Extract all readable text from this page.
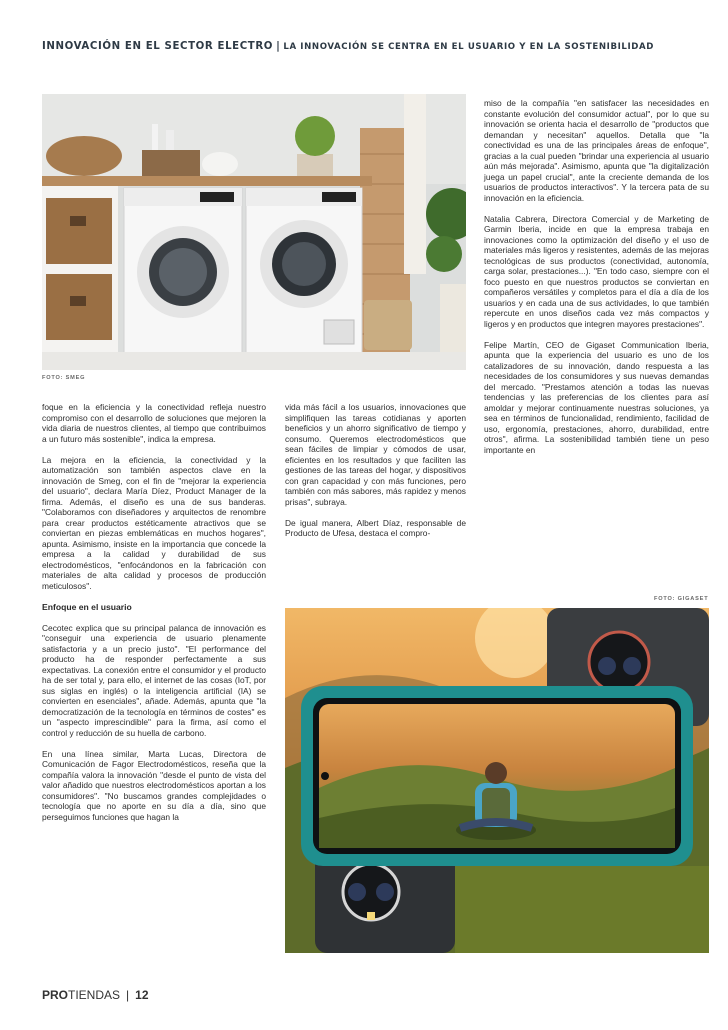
INNOVACIÓN EN EL SECTOR ELECTRO | LA INNOVACIÓN SE CENTRA EN EL USUARIO Y EN LA SOSTENIBILIDAD
FOTO: SMEG

miso de la compañía "en satisfacer las necesidades en constante evolución del consumidor actual", por lo que su innovación se orienta hacia el desarrollo de "productos que demandan y necesitan" aquellos. Detalla que "la conectividad es una de las principales áreas de enfoque", gracias a la cual pueden "brindar una experiencia al usuario aún más mejorada". Asimismo, apunta que "la digitalización juega un papel crucial", ante la creciente demanda de los usuarios de productos interactivos". Y la tercera pata de su innovación en la eficiencia.

Natalia Cabrera, Directora Comercial y de Marketing de Garmin Iberia, incide en que la empresa trabaja en innovaciones como la optimización del diseño y el uso de materiales más ligeros y resistentes, además de las mejoras tecnológicas de sus productos (conectividad, autonomía, carga solar, prestaciones...). "En todo caso, siempre con el foco puesto en que nuestros productos se conviertan en compañeros versátiles y completos para el día a día de los usuarios y en cada una de sus actividades, lo que también repercute en unos diseños cada vez más compactos y ligeros y en productos que integren mayores prestaciones".

Felipe Martín, CEO de Gigaset Communication Iberia, apunta que la experiencia del usuario es uno de los catalizadores de su innovación, dando respuesta a las necesidades de los consumidores y sus nuevas demandas del mercado. "Prestamos atención a todas las nuevas tendencias y las preferencias de los clientes para así amoldar y mejorar continuamente nuestras soluciones, ya sea en términos de funcionalidad, rendimiento, facilidad de uso, ergonomía, prestaciones, ahorro, durabilidad, entre otros", afirma. La sostenibilidad también tiene un peso importante en

foque en la eficiencia y la conectividad refleja nuestro compromiso con el desarrollo de soluciones que mejoren la vida diaria de nuestros clientes, al tiempo que contribuimos a un futuro más sostenible", indica la empresa.

La mejora en la eficiencia, la conectividad y la automatización son también aspectos clave en la innovación de Smeg, con el fin de "mejorar la experiencia del usuario", declara María Díez, Product Manager de la firma. Además, el diseño es una de sus banderas. "Colaboramos con diseñadores y arquitectos de renombre para crear productos estéticamente atractivos que se conviertan en piezas emblemáticas en muchos hogares", apunta. Asimismo, insiste en la importancia que concede la empresa a la calidad y durabilidad de sus electrodomésticos, "enfocándonos en la fabricación con materiales de alta calidad y procesos de producción meticulosos".

Enfoque en el usuario

Cecotec explica que su principal palanca de innovación es "conseguir una experiencia de usuario plenamente satisfactoria y a un precio justo". "El performance del producto ha de responder perfectamente a sus expectativas. La conexión entre el consumidor y el producto ha de ser total y, para ello, el internet de las cosas (IoT, por sus siglas en inglés) o la inteligencia artificial (IA) se convierten en esenciales", añade. Además, apunta que "la democratización de la tecnología en términos de costes" es un "aspecto imprescindible" para la firma, así como el control y reducción de su huella de carbono.

En una línea similar, Marta Lucas, Directora de Comunicación de Fagor Electrodomésticos, reseña que la compañía valora la innovación "desde el punto de vista del valor añadido que nuestros electrodomésticos aportan a los consumidores". "No buscamos grandes complejidades o tecnología que no aporte en su día a día, sino que perseguimos funciones que hagan la

vida más fácil a los usuarios, innovaciones que simplifiquen las tareas cotidianas y aporten beneficios y un ahorro significativo de tiempo y consumo. Queremos electrodomésticos que sean fáciles de limpiar y cómodos de usar, eficientes en los resultados y que faciliten las gestiones de las tareas del hogar, y dispositivos con gran capacidad y con más funciones, pero también con más sabores, más rapidez y menos prisas", subraya.

De igual manera, Albert Díaz, responsable de Producto de Ufesa, destaca el compro-

FOTO: GIGASET
PROTIENDAS | 12
